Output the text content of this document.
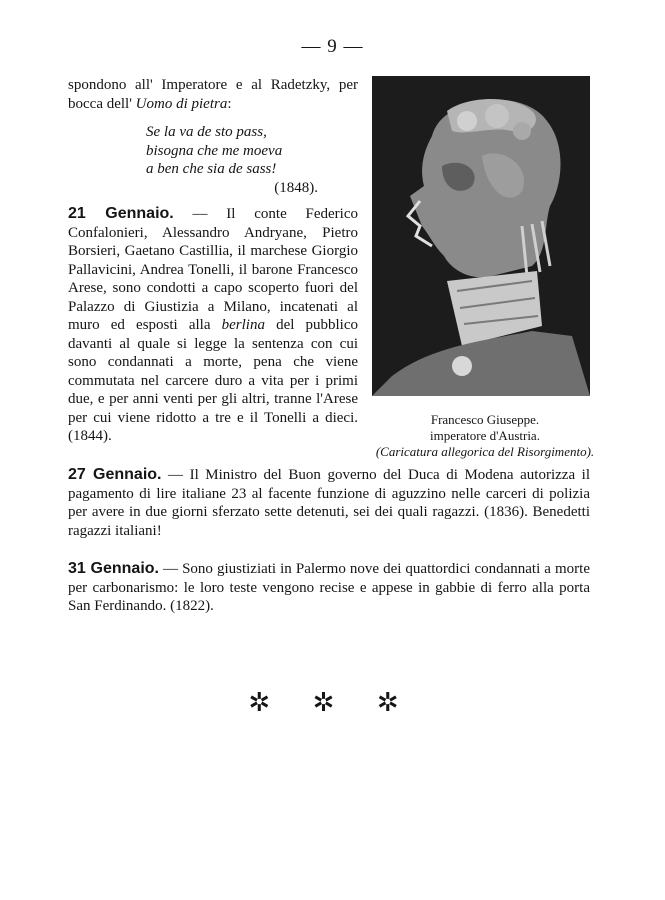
— 9 —

spondono all' Imperatore e al Radetzky, per bocca dell' Uomo di pietra:

Se la va de sto pass,
bisogna che me moeva
a ben che sia de sass!
(1848).

21 Gennaio. — Il conte Federico Confalonieri, Alessandro Andryane, Pietro Borsieri, Gaetano Castillia, il marchese Giorgio Pallavicini, Andrea Tonelli, il barone Francesco Arese, sono condotti a capo scoperto fuori del Palazzo di Giustizia a Milano, incatenati al muro ed esposti alla berlina del pubblico davanti al quale si legge la sentenza con cui sono condannati a morte, pena che viene commutata nel carcere duro a vita per i primi due, e per anni venti per gli altri, tranne l'Arese per cui viene ridotto a tre e il Tonelli a dieci. (1844).

Francesco Giuseppe.
imperatore d'Austria.
(Caricatura allegorica del Risorgimento).

27 Gennaio. — Il Ministro del Buon governo del Duca di Modena autorizza il pagamento di lire italiane 23 al facente funzione di aguzzino nelle carceri di polizia per avere in due giorni sferzato sette detenuti, sei dei quali ragazzi. (1836). Benedetti ragazzi italiani!

31 Gennaio. — Sono giustiziati in Palermo nove dei quattordici condannati a morte per carbonarismo: le loro teste vengono recise e appese in gabbie di ferro alla porta San Ferdinando. (1822).

✲ ✲ ✲
